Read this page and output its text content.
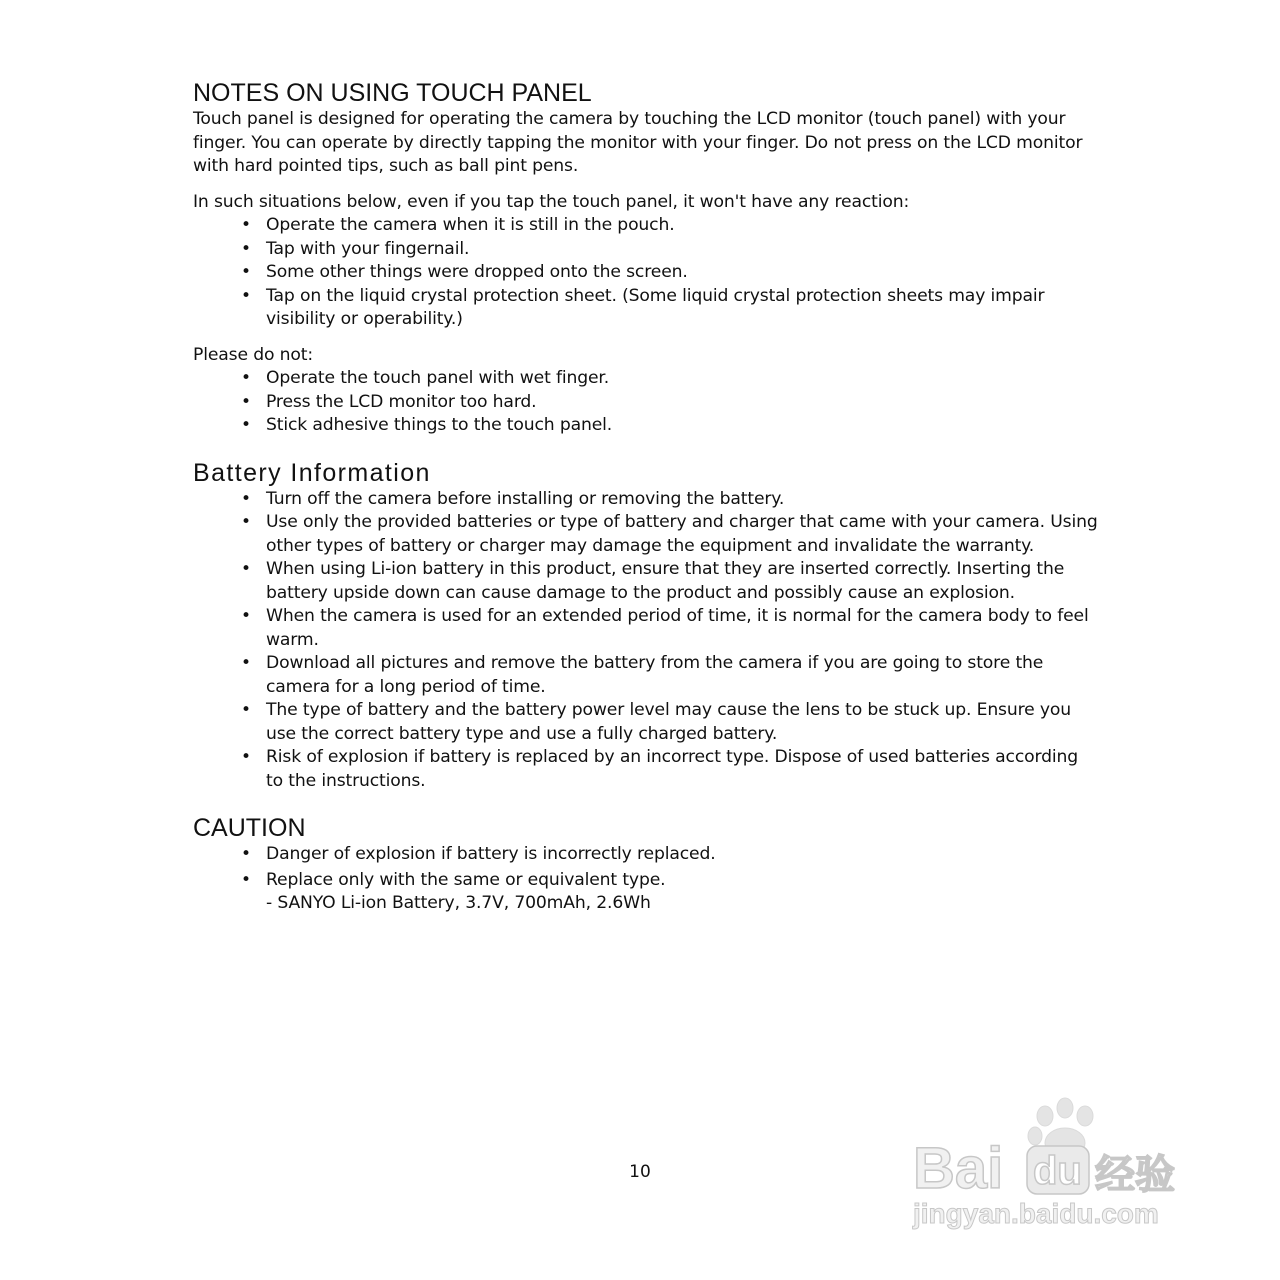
NOTES ON USING TOUCH PANEL

Touch panel is designed for operating the camera by touching the LCD monitor (touch panel) with your finger. You can operate by directly tapping the monitor with your finger. Do not press on the LCD monitor with hard pointed tips, such as ball pint pens.

In such situations below, even if you tap the touch panel, it won't have any reaction:

• Operate the camera when it is still in the pouch.
• Tap with your fingernail.
• Some other things were dropped onto the screen.
• Tap on the liquid crystal protection sheet. (Some liquid crystal protection sheets may impair visibility or operability.)

Please do not:

• Operate the touch panel with wet finger.
• Press the LCD monitor too hard.
• Stick adhesive things to the touch panel.
Battery Information
• Turn off the camera before installing or removing the battery.
• Use only the provided batteries or type of battery and charger that came with your camera. Using other types of battery or charger may damage the equipment and invalidate the warranty.
• When using Li-ion battery in this product, ensure that they are inserted correctly. Inserting the battery upside down can cause damage to the product and possibly cause an explosion.
• When the camera is used for an extended period of time, it is normal for the camera body to feel warm.
• Download all pictures and remove the battery from the camera if you are going to store the camera for a long period of time.
• The type of battery and the battery power level may cause the lens to be stuck up. Ensure you use the correct battery type and use a fully charged battery.
• Risk of explosion if battery is replaced by an incorrect type. Dispose of used batteries according to the instructions.
CAUTION
• Danger of explosion if battery is incorrectly replaced.
• Replace only with the same or equivalent type.
- SANYO Li-ion Battery, 3.7V, 700mAh, 2.6Wh
10	Bai du 经验
jingyan.baidu.com
